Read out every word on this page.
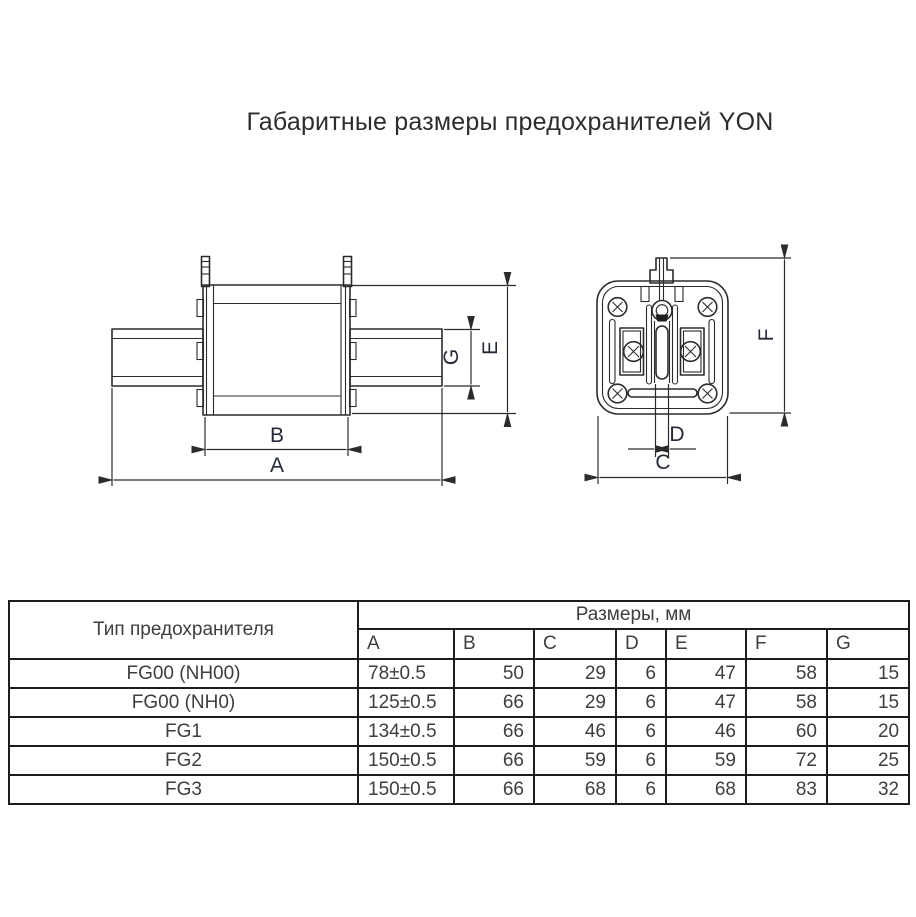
Габаритные размеры предохранителей YON
B
A
G
E
D
C
F
Тип предохранителя	Размеры, мм						
	A	B	C	D	E	F	G
FG00 (NH00)	78±0.5	50	29	6	47	58	15
FG00 (NH0)	125±0.5	66	29	6	47	58	15
FG1	134±0.5	66	46	6	46	60	20
FG2	150±0.5	66	59	6	59	72	25
FG3	150±0.5	66	68	6	68	83	32
